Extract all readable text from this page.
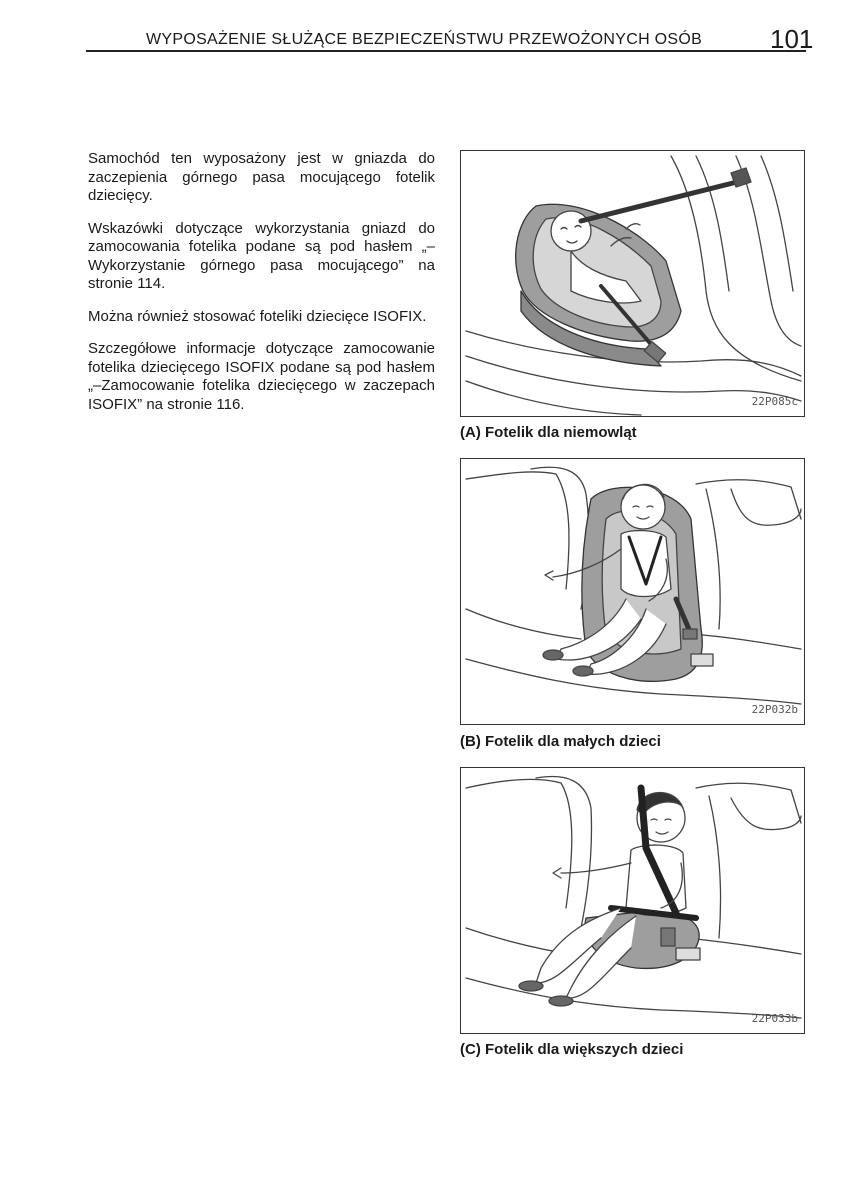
WYPOSAŻENIE SŁUŻĄCE BEZPIECZEŃSTWU PRZEWOŻONYCH OSÓB	101

Samochód ten wyposażony jest w gniazda do zaczepienia górnego pasa mocującego fotelik dziecięcy.

Wskazówki dotyczące wykorzystania gniazd do zamocowania fotelika podane są pod hasłem „–Wykorzystanie górnego pasa mocującego” na stronie 114.

Można również stosować foteliki dziecięce ISOFIX.

Szczegółowe informacje dotyczące zamocowanie fotelika dziecięcego ISOFIX podane są pod hasłem „–Zamocowanie fotelika dziecięcego w zaczepach ISOFIX” na stronie 116.	22P085c
(A) Fotelik dla niemowląt
22P032b
(B) Fotelik dla małych dzieci
22P033b
(C) Fotelik dla większych dzieci
